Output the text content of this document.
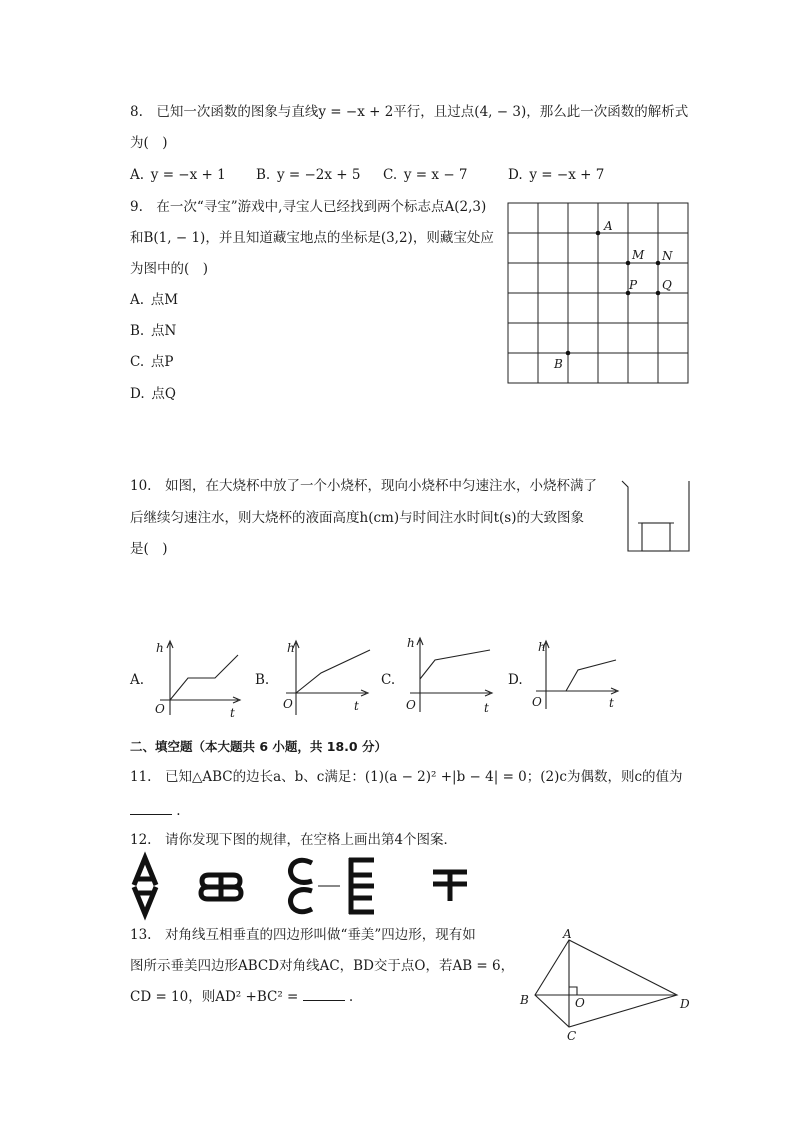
8. 已知一次函数的图象与直线y = −x + 2平行，且过点(4, − 3)，那么此一次函数的解析式
为( )
A. y = −x + 1 B. y = −2x + 5 C. y = x − 7	D. y = −x + 7
9. 在一次“寻宝”游戏中,寻宝人已经找到两个标志点A(2,3)
和B(1, − 1)，并且知道藏宝地点的坐标是(3,2)，则藏宝处应
为图中的( )
A. 点M
B. 点N
C. 点P
D. 点Q
A
B
M N
P Q
10. 如图，在大烧杯中放了一个小烧杯，现向小烧杯中匀速注水，小烧杯满了
后继续匀速注水，则大烧杯的液面高度h(cm)与时间注水时间t(s)的大致图象
是( )
A.
h
t
O
B.
h
t
O
C.
h
t
O
D.
h
t
O
二、填空题（本大题共 6 小题，共 18.0 分）
11. 已知△ABC的边长a、b、c满足：(1)(a − 2)² +|b − 4| = 0；(2)c为偶数，则c的值为
.
12. 请你发现下图的规律，在空格上画出第4个图案．
13. 对角线互相垂直的四边形叫做“垂美”四边形，现有如
图所示垂美四边形ABCD对角线AC，BD交于点O，若AB = 6，
CD = 10，则AD² +BC² =	.
A
B
C
D
O
